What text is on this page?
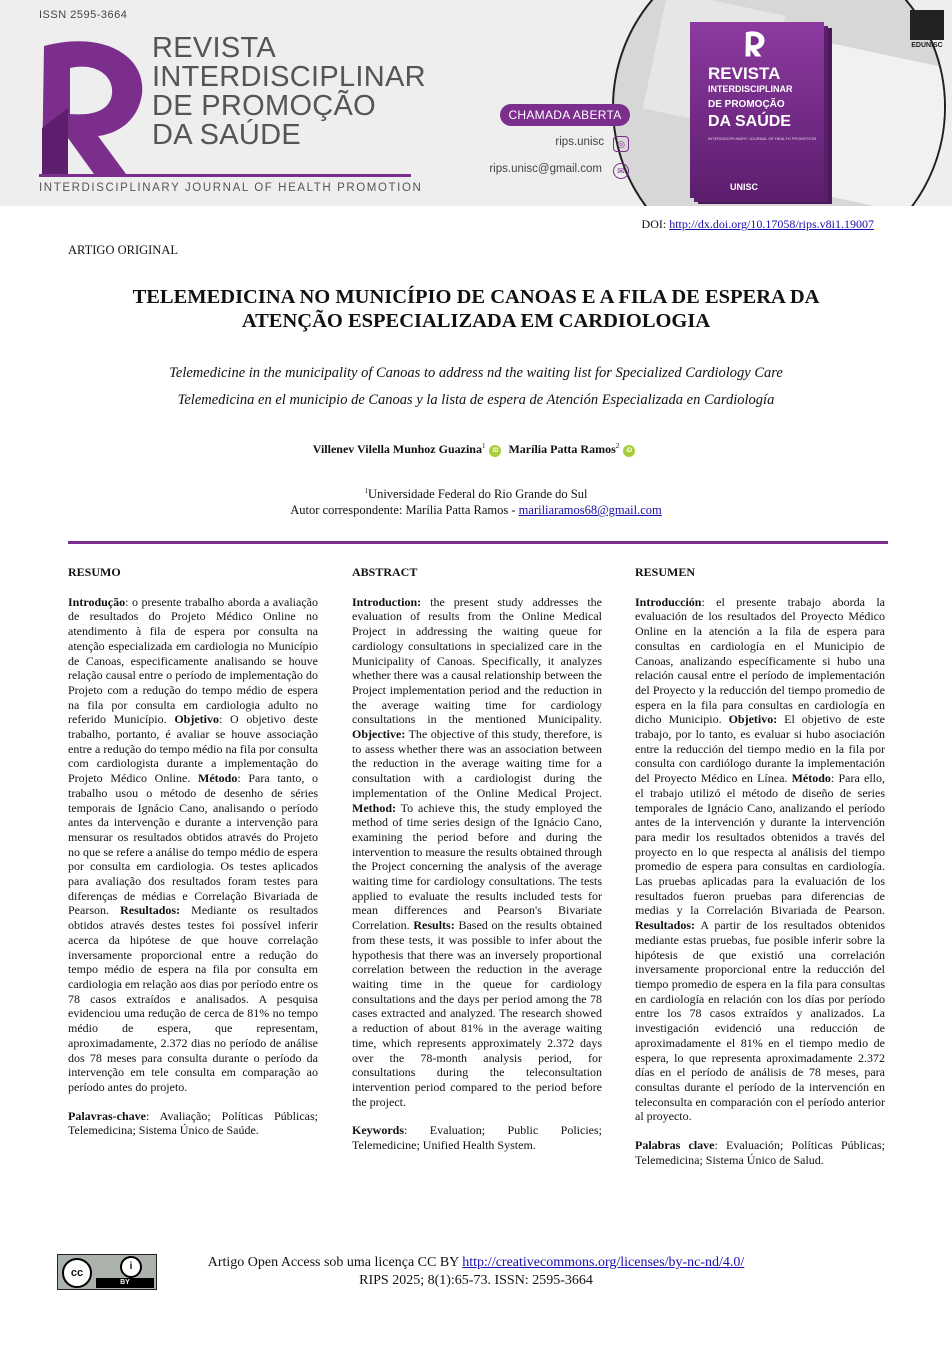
ISSN 2595-3664
REVISTA
INTERDISCIPLINAR
DE PROMOÇÃO
DA SAÚDE
INTERDISCIPLINARY JOURNAL OF HEALTH PROMOTION
CHAMADA ABERTA
rips.unisc	◎
rips.unisc@gmail.com	✉
REVISTA
INTERDISCIPLINAR
DE PROMOÇÃO
DA SAÚDE
INTERDISCIPLINARY JOURNAL OF HEALTH PROMOTION
UNISC
EDUNISC
DOI: http://dx.doi.org/10.17058/rips.v8i1.19007
ARTIGO ORIGINAL
TELEMEDICINA NO MUNICÍPIO DE CANOAS E A FILA DE ESPERA DA
ATENÇÃO ESPECIALIZADA EM CARDIOLOGIA
Telemedicine in the municipality of Canoas to address nd the waiting list for Specialized Cardiology Care
Telemedicina en el municipio de Canoas y la lista de espera de Atención Especializada en Cardiología
Villenev Vilella Munhoz Guazina$^1$iD Marília Patta Ramos$^2$iD
$^1$Universidade Federal do Rio Grande do Sul
Autor correspondente: Marília Patta Ramos - mariliaramos68@gmail.com
RESUMO

Introdução: o presente trabalho aborda a avaliação de resultados do Projeto Médico Online no atendimento à fila de espera por consulta na atenção especializada em cardiologia no Município de Canoas, especificamente analisando se houve relação causal entre o período de implementação do Projeto com a redução do tempo médio de espera na fila por consulta em cardiologia adulto no referido Município. Objetivo: O objetivo deste trabalho, portanto, é avaliar se houve associação entre a redução do tempo médio na fila por consulta com cardiologista durante a implementação do Projeto Médico Online. Método: Para tanto, o trabalho usou o método de desenho de séries temporais de Ignácio Cano, analisando o período antes da intervenção e durante a intervenção para mensurar os resultados obtidos através do Projeto no que se refere a análise do tempo médio de espera por consulta em cardiologia. Os testes aplicados para avaliação dos resultados foram testes para diferenças de médias e Correlação Bivariada de Pearson. Resultados: Mediante os resultados obtidos através destes testes foi possível inferir acerca da hipótese de que houve correlação inversamente proporcional entre a redução do tempo médio de espera na fila por consulta em cardiologia em relação aos dias por período entre os 78 casos extraídos e analisados. A pesquisa evidenciou uma redução de cerca de 81% no tempo médio de espera, que representam, aproximadamente, 2.372 dias no período de análise dos 78 meses para consulta durante o período da intervenção em tele consulta em comparação ao período antes do projeto.

Palavras-chave: Avaliação; Políticas Públicas; Telemedicina; Sistema Único de Saúde.

ABSTRACT

Introduction: the present study addresses the evaluation of results from the Online Medical Project in addressing the waiting queue for cardiology consultations in specialized care in the Municipality of Canoas. Specifically, it analyzes whether there was a causal relationship between the Project implementation period and the reduction in the average waiting time for cardiology consultations in the mentioned Municipality. Objective: The objective of this study, therefore, is to assess whether there was an association between the reduction in the average waiting time for a consultation with a cardiologist during the implementation of the Online Medical Project. Method: To achieve this, the study employed the method of time series design of the Ignácio Cano, examining the period before and during the intervention to measure the results obtained through the Project concerning the analysis of the average waiting time for cardiology consultations. The tests applied to evaluate the results included tests for mean differences and Pearson's Bivariate Correlation. Results: Based on the results obtained from these tests, it was possible to infer about the hypothesis that there was an inversely proportional correlation between the reduction in the average waiting time in the queue for cardiology consultations and the days per period among the 78 cases extracted and analyzed. The research showed a reduction of about 81% in the average waiting time, which represents approximately 2.372 days over the 78-month analysis period, for consultations during the teleconsultation intervention period compared to the period before the project.

Keywords: Evaluation; Public Policies; Telemedicine; Unified Health System.

RESUMEN

Introducción: el presente trabajo aborda la evaluación de los resultados del Proyecto Médico Online en la atención a la fila de espera para consultas en cardiología en el Municipio de Canoas, analizando específicamente si hubo una relación causal entre el período de implementación del Proyecto y la reducción del tiempo promedio de espera en la fila para consultas en cardiología en dicho Municipio. Objetivo: El objetivo de este trabajo, por lo tanto, es evaluar si hubo asociación entre la reducción del tiempo medio en la fila por consulta con cardiólogo durante la implementación del Proyecto Médico en Línea. Método: Para ello, el trabajo utilizó el método de diseño de series temporales de Ignácio Cano, analizando el período antes de la intervención y durante la intervención para medir los resultados obtenidos a través del proyecto en lo que respecta al análisis del tiempo promedio de espera para consultas en cardiología. Las pruebas aplicadas para la evaluación de los resultados fueron pruebas para diferencias de medias y la Correlación Bivariada de Pearson. Resultados: A partir de los resultados obtenidos mediante estas pruebas, fue posible inferir sobre la hipótesis de que existió una correlación inversamente proporcional entre la reducción del tiempo promedio de espera en la fila para consultas en cardiología en relación con los días por período entre los 78 casos extraídos y analizados. La investigación evidenció una reducción de aproximadamente el 81% en el tiempo medio de espera, lo que representa aproximadamente 2.372 días en el período de análisis de 78 meses, para consultas durante el período de la intervención en teleconsulta en comparación con el período anterior al proyecto.

Palabras clave: Evaluación; Políticas Públicas; Telemedicina; Sistema Único de Salud.

cc
i
BY
Artigo Open Access sob uma licença CC BY http://creativecommons.org/licenses/by-nc-nd/4.0/
RIPS 2025; 8(1):65-73. ISSN: 2595-3664
